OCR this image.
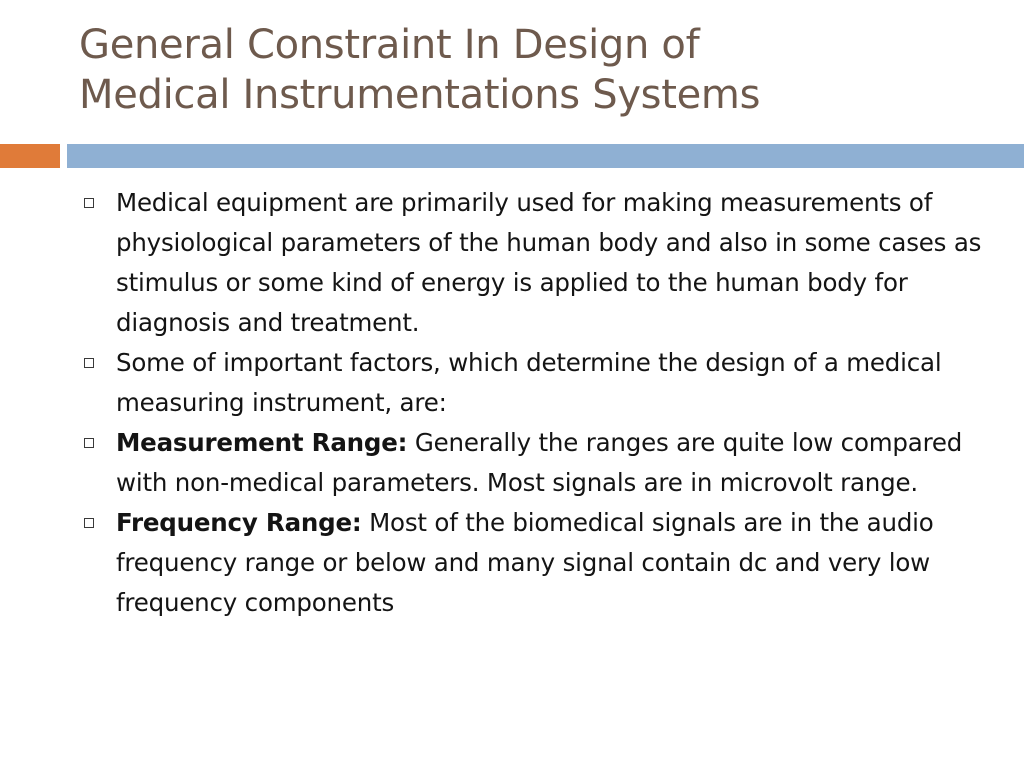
General Constraint In Design of
Medical Instrumentations Systems
Medical equipment are primarily used for making measurements of physiological parameters of the human body and also in some cases as stimulus or some kind of energy is applied to the human body for diagnosis and treatment.
Some of important factors, which determine the design of a medical measuring instrument, are:
Measurement Range: Generally the ranges are quite low compared with non-medical parameters. Most signals are in microvolt range.
Frequency Range: Most of the biomedical signals are in the audio frequency range or below and many signal contain dc and very low frequency components
